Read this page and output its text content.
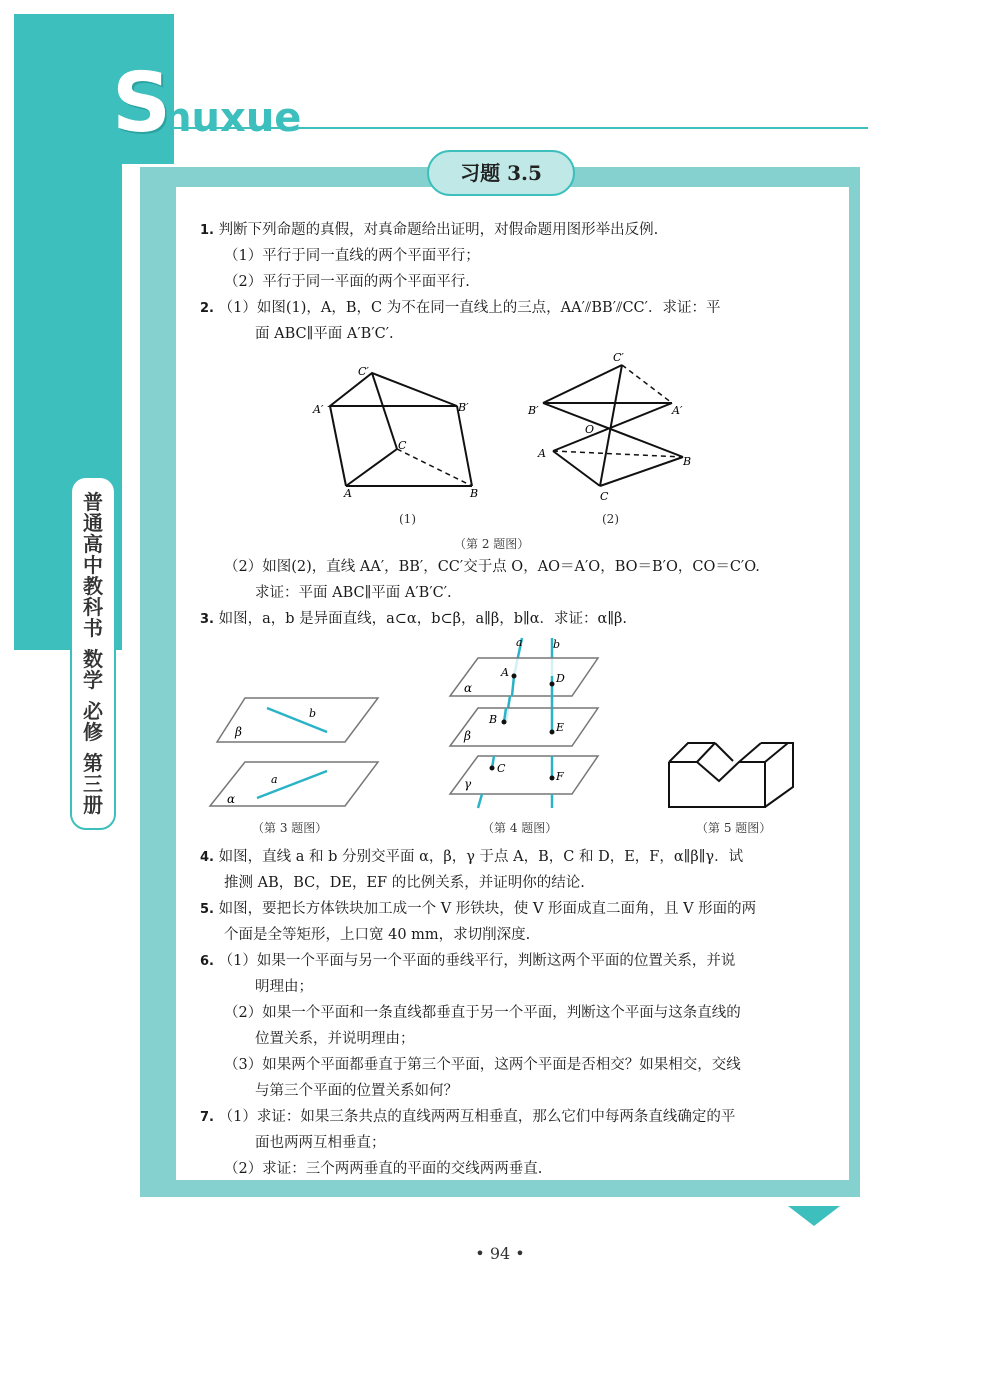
Shuxue
普
通
高
中
教
科
书

数
学

必
修

第
三
册
习题 3.5
1. 判断下列命题的真假，对真命题给出证明，对假命题用图形举出反例.
（1）平行于同一直线的两个平面平行；
（2）平行于同一平面的两个平面平行.
2. （1）如图(1)，A，B，C 为不在同一直线上的三点，AA′⫽BB′⫽CC′．求证：平
面 ABC∥平面 A′B′C′.
A′
C′
B′
C
A	B
B′
C′
A′
O
A
B
C
(1)	(2)
（第 2 题图）
（2）如图(2)，直线 AA′，BB′，CC′交于点 O，AO＝A′O，BO＝B′O，CO＝C′O.
求证：平面 ABC∥平面 A′B′C′.
3. 如图，a，b 是异面直线，a⊂α，b⊂β，a∥β，b∥α．求证：α∥β.
b
β
a
α
（第 3 题图）
a	b
A	D
α
B
E
β
C
F
γ
（第 4 题图）	（第 5 题图）
4. 如图，直线 a 和 b 分别交平面 α，β，γ 于点 A，B，C 和 D，E，F，α∥β∥γ．试
推测 AB，BC，DE，EF 的比例关系，并证明你的结论.
5. 如图，要把长方体铁块加工成一个 V 形铁块，使 V 形面成直二面角，且 V 形面的两
个面是全等矩形，上口宽 40 mm，求切削深度.
6. （1）如果一个平面与另一个平面的垂线平行，判断这两个平面的位置关系，并说
明理由；
（2）如果一个平面和一条直线都垂直于另一个平面，判断这个平面与这条直线的
位置关系，并说明理由；
（3）如果两个平面都垂直于第三个平面，这两个平面是否相交？如果相交，交线
与第三个平面的位置关系如何？
7. （1）求证：如果三条共点的直线两两互相垂直，那么它们中每两条直线确定的平
面也两两互相垂直；
（2）求证：三个两两垂直的平面的交线两两垂直.
• 94 •
